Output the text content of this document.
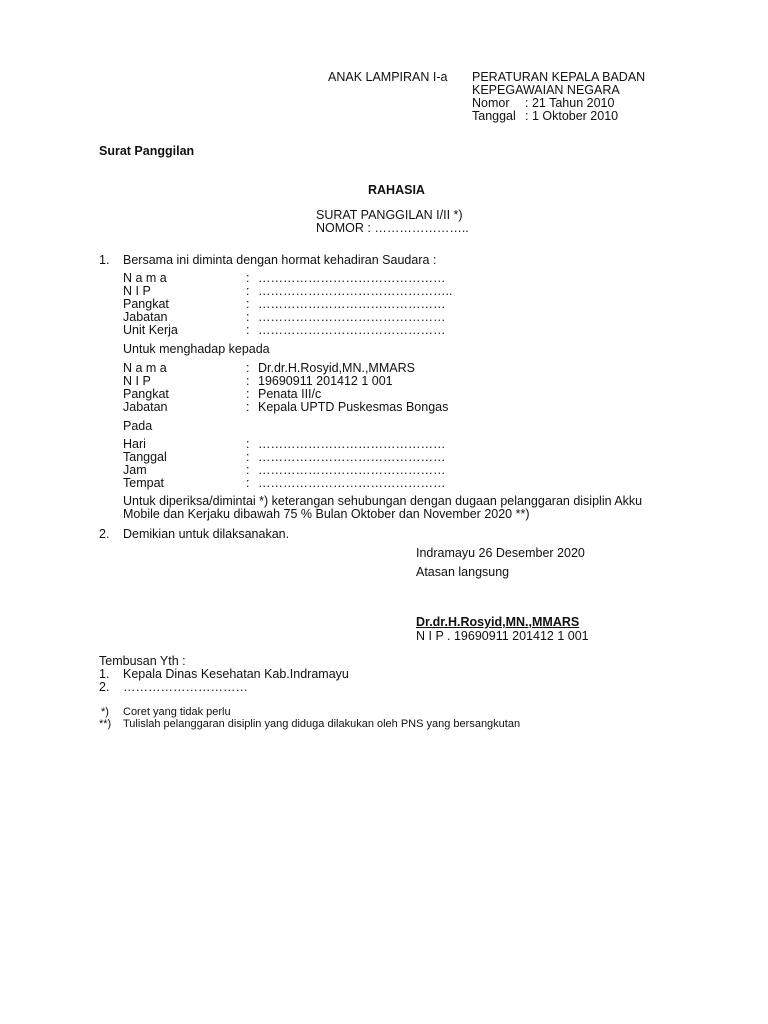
ANAK LAMPIRAN I-a PERATURAN KEPALA BADAN
KEPEGAWAIAN NEGARA
Nomor : 21 Tahun 2010
Tanggal : 1 Oktober 2010
Surat Panggilan
RAHASIA
SURAT PANGGILAN I/II *)
NOMOR : …………………..
1. Bersama ini diminta dengan hormat kehadiran Saudara :
N a m a	: ………………………………………
N I P	: ………………………………………..
Pangkat	: ………………………………………
Jabatan	: ………………………………………
Unit Kerja	: ………………………………………
Untuk menghadap kepada
N a m a	: Dr.dr.H.Rosyid,MN.,MMARS
N I P	: 19690911 201412 1 001
Pangkat	: Penata III/c
Jabatan	: Kepala UPTD Puskesmas Bongas
Pada
Hari	: ………………………………………
Tanggal	: ………………………………………
Jam	: ………………………………………
Tempat	: ………………………………………
Untuk diperiksa/dimintai *) keterangan sehubungan dengan dugaan pelanggaran disiplin Akku
Mobile dan Kerjaku dibawah 75 % Bulan Oktober dan November 2020 **)
2. Demikian untuk dilaksanakan.
Indramayu 26 Desember 2020
Atasan langsung
Dr.dr.H.Rosyid,MN.,MMARS
N I P . 19690911 201412 1 001
Tembusan Yth :
1. Kepala Dinas Kesehatan Kab.Indramayu
2. …………………………
*) Coret yang tidak perlu
**) Tulislah pelanggaran disiplin yang diduga dilakukan oleh PNS yang bersangkutan
